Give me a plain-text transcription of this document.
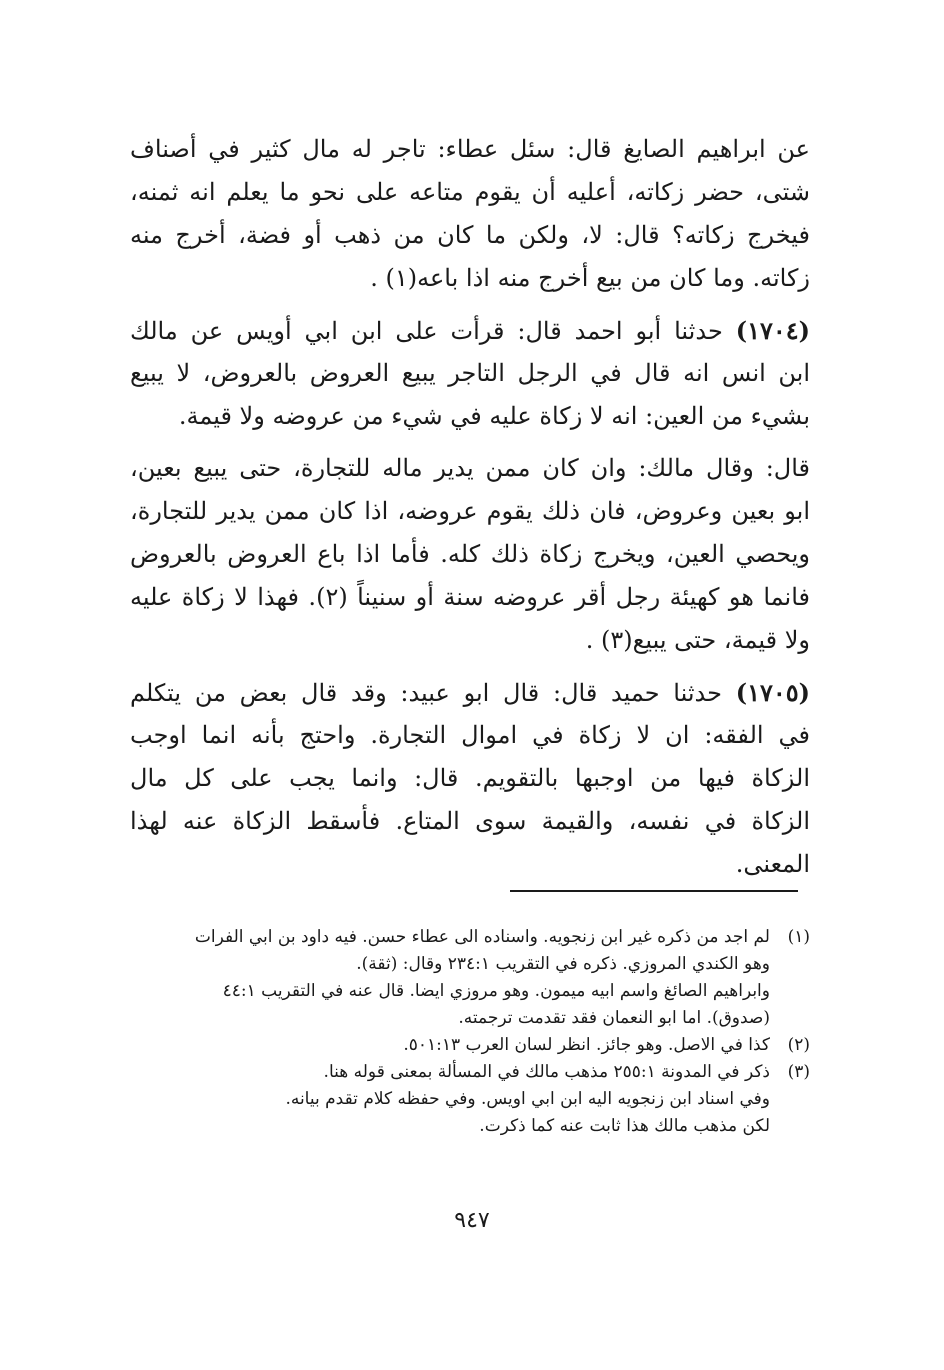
عن ابراهيم الصايغ قال: سئل عطاء: تاجر له مال كثير في أصناف
شتى، حضر زكاته، أعليه أن يقوم متاعه على نحو ما يعلم انه ثمنه،
فيخرج زكاته؟ قال: لا، ولكن ما كان من ذهب أو فضة، أخرج منه
زكاته. وما كان من بيع أخرج منه اذا باعه(١) .
(١٧٠٤) حدثنا أبو احمد قال: قرأت على ابن ابي أويس عن مالك
ابن انس انه قال في الرجل التاجر يبيع العروض بالعروض، لا يبيع
بشيء من العين: انه لا زكاة عليه في شيء من عروضه ولا قيمة.
قال: وقال مالك: وان كان ممن يدير ماله للتجارة، حتى يبيع بعين،
ابو بعين وعروض، فان ذلك يقوم عروضه، اذا كان ممن يدير للتجارة،
ويحصي العين، ويخرج زكاة ذلك كله. فأما اذا باع العروض بالعروض
فانما هو كهيئة رجل أقر عروضه سنة أو سنيناً (٢). فهذا لا زكاة عليه
ولا قيمة، حتى يبيع(٣) .
(١٧٠٥) حدثنا حميد قال: قال ابو عبيد: وقد قال بعض من يتكلم
في الفقه: ان لا زكاة في اموال التجارة. واحتج بأنه انما اوجب
الزكاة فيها من اوجبها بالتقويم. قال: وانما يجب على كل مال
الزكاة في نفسه، والقيمة سوى المتاع. فأسقط الزكاة عنه لهذا
المعنى.
(١)
لم اجد من ذكره غير ابن زنجويه. واسناده الى عطاء حسن. فيه داود بن ابي الفرات
وهو الكندي المروزي. ذكره في التقريب ٢٣٤:١ وقال: (ثقة).
وابراهيم الصائغ واسم ابيه ميمون. وهو مروزي ايضا. قال عنه في التقريب ٤٤:١
(صدوق). اما ابو النعمان فقد تقدمت ترجمته.
(٢)
كذا في الاصل. وهو جائز. انظر لسان العرب ٥٠١:١٣.
(٣)
ذكر في المدونة ٢٥٥:١ مذهب مالك في المسألة بمعنى قوله هنا.
وفي اسناد ابن زنجويه اليه ابن ابي اويس. وفي حفظه كلام تقدم بيانه.
لكن مذهب مالك هذا ثابت عنه كما ذكرت.
٩٤٧
